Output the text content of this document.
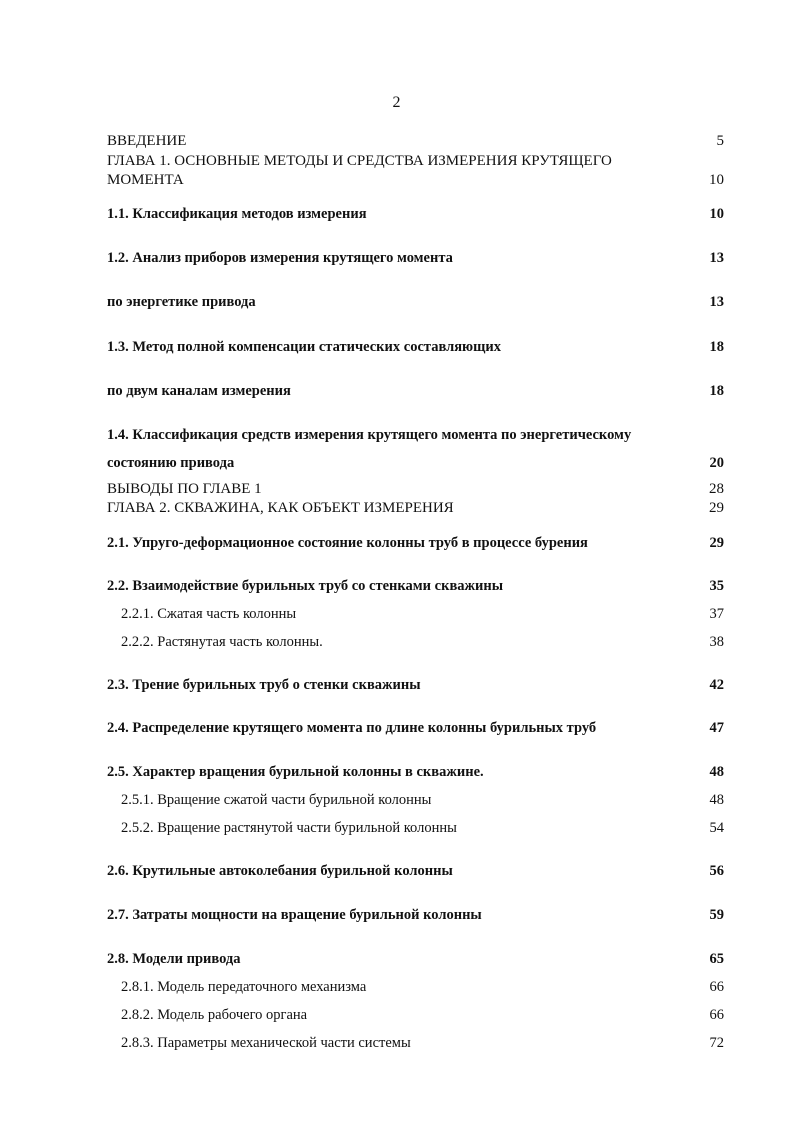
2
ВВЕДЕНИЕ	5
ГЛАВА 1. ОСНОВНЫЕ МЕТОДЫ И СРЕДСТВА ИЗМЕРЕНИЯ КРУТЯЩЕГО
МОМЕНТА	10
1.1. Классификация методов измерения	10
1.2. Анализ приборов измерения крутящего момента	13
по энергетике привода	13
1.3. Метод полной компенсации статических составляющих	18
по двум каналам измерения	18
1.4. Классификация средств измерения крутящего момента по энергетическому
состоянию привода	20
ВЫВОДЫ ПО ГЛАВЕ 1	28
ГЛАВА 2. СКВАЖИНА, КАК ОБЪЕКТ ИЗМЕРЕНИЯ	29
2.1. Упруго-деформационное состояние колонны труб в процессе бурения	29
2.2. Взаимодействие бурильных труб со стенками скважины	35
2.2.1. Сжатая часть колонны	37
2.2.2. Растянутая часть колонны.	38
2.3. Трение бурильных труб о стенки скважины	42
2.4. Распределение крутящего момента по длине колонны бурильных труб	47
2.5. Характер вращения бурильной колонны в скважине.	48
2.5.1. Вращение сжатой части бурильной колонны	48
2.5.2. Вращение растянутой части бурильной колонны	54
2.6. Крутильные автоколебания бурильной колонны	56
2.7. Затраты мощности на вращение бурильной колонны	59
2.8. Модели привода	65
2.8.1. Модель передаточного механизма	66
2.8.2. Модель рабочего органа	66
2.8.3. Параметры механической части системы	72
